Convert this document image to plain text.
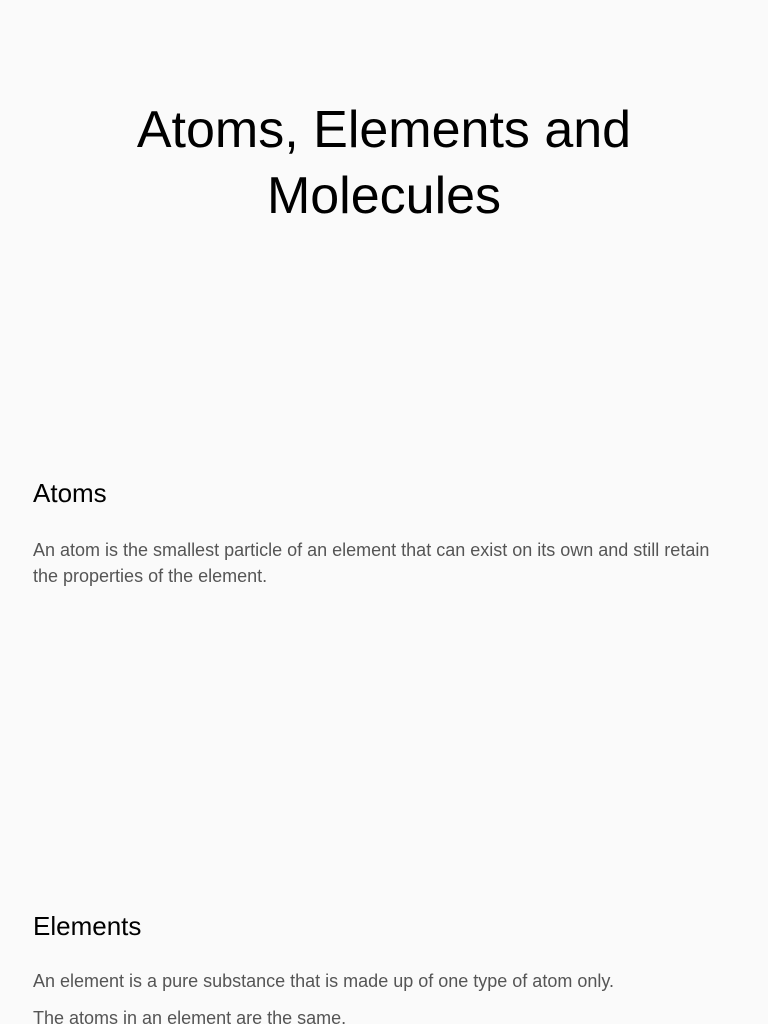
Atoms, Elements and
Molecules
Atoms

An atom is the smallest particle of an element that can exist on its own and still retain the properties of the element.

Elements

An element is a pure substance that is made up of one type of atom only.

The atoms in an element are the same.
